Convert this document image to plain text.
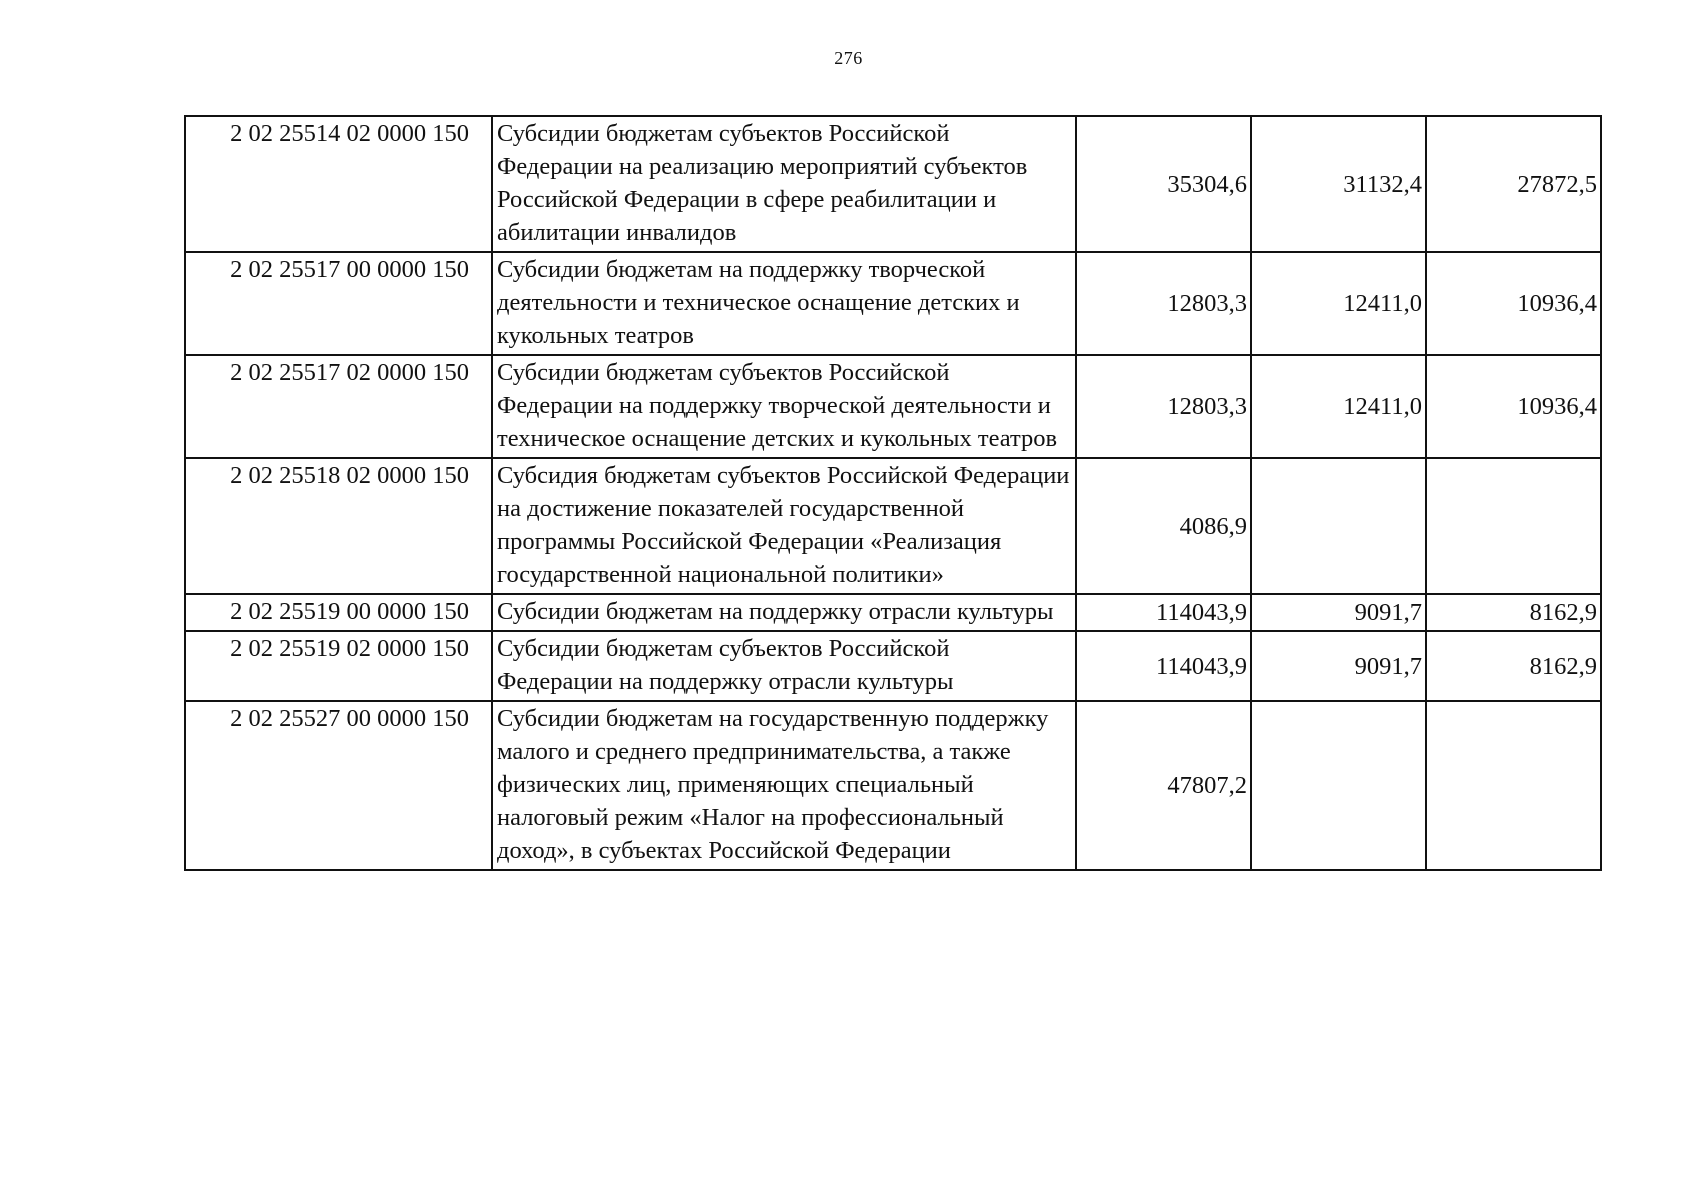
276
2 02 25514 02 0000 150	Субсидии бюджетам субъектов Российской Федерации на реализацию мероприятий субъектов Российской Федерации в сфере реабилитации и абилитации инвалидов	35304,6	31132,4	27872,5
2 02 25517 00 0000 150	Субсидии бюджетам на поддержку творческой деятельности и техническое оснащение детских и кукольных театров	12803,3	12411,0	10936,4
2 02 25517 02 0000 150	Субсидии бюджетам субъектов Российской Федерации на поддержку творческой деятельности и техническое оснащение детских и кукольных театров	12803,3	12411,0	10936,4
2 02 25518 02 0000 150	Субсидия бюджетам субъектов Российской Федерации на достижение показателей государственной программы Российской Федерации «Реализация государственной национальной политики»	4086,9		
2 02 25519 00 0000 150	Субсидии бюджетам на поддержку отрасли культуры	114043,9	9091,7	8162,9
2 02 25519 02 0000 150	Субсидии бюджетам субъектов Российской Федерации на поддержку отрасли культуры	114043,9	9091,7	8162,9
2 02 25527 00 0000 150	Субсидии бюджетам на государственную поддержку малого и среднего предпринимательства, а также физических лиц, применяющих специальный налоговый режим «Налог на профессиональный доход», в субъектах Российской Федерации	47807,2		
